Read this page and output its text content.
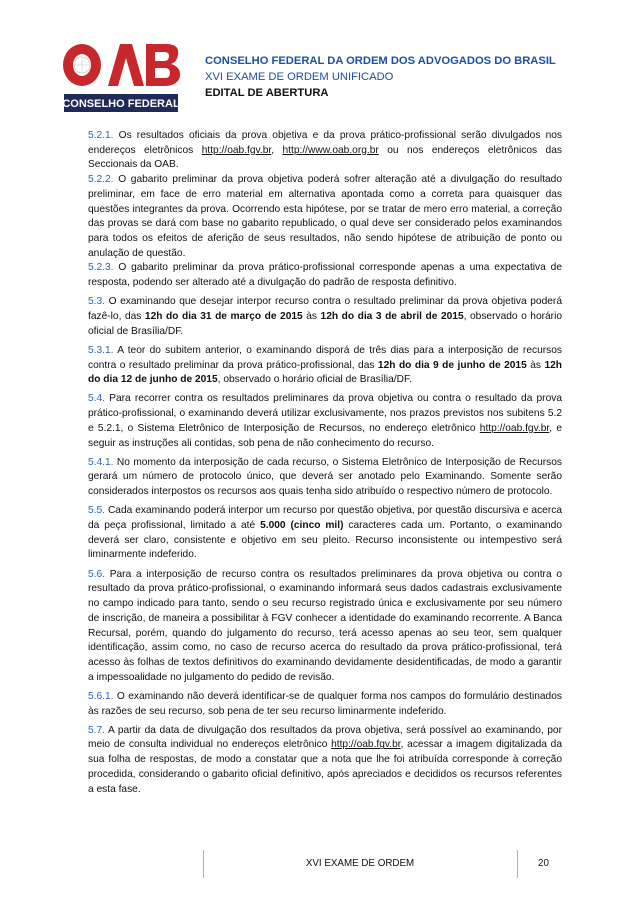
CONSELHO FEDERAL
CONSELHO FEDERAL DA ORDEM DOS ADVOGADOS DO BRASIL
XVI EXAME DE ORDEM UNIFICADO
EDITAL DE ABERTURA

5.2.1. Os resultados oficiais da prova objetiva e da prova prático-profissional serão divulgados nos endereços eletrônicos http://oab.fgv.br, http://www.oab.org.br ou nos endereços eletrônicos das Seccionais da OAB.

5.2.2. O gabarito preliminar da prova objetiva poderá sofrer alteração até a divulgação do resultado preliminar, em face de erro material em alternativa apontada como a correta para quaisquer das questões integrantes da prova. Ocorrendo esta hipótese, por se tratar de mero erro material, a correção das provas se dará com base no gabarito republicado, o qual deve ser considerado pelos examinandos para todos os efeitos de aferição de seus resultados, não sendo hipótese de atribuição de ponto ou anulação de questão.

5.2.3. O gabarito preliminar da prova prático-profissional corresponde apenas a uma expectativa de resposta, podendo ser alterado até a divulgação do padrão de resposta definitivo.

5.3. O examinando que desejar interpor recurso contra o resultado preliminar da prova objetiva poderá fazê-lo, das 12h do dia 31 de março de 2015 às 12h do dia 3 de abril de 2015, observado o horário oficial de Brasília/DF.

5.3.1. A teor do subitem anterior, o examinando disporá de três dias para a interposição de recursos contra o resultado preliminar da prova prático-profissional, das 12h do dia 9 de junho de 2015 às 12h do dia 12 de junho de 2015, observado o horário oficial de Brasília/DF.

5.4. Para recorrer contra os resultados preliminares da prova objetiva ou contra o resultado da prova prático-profissional, o examinando deverá utilizar exclusivamente, nos prazos previstos nos subitens 5.2 e 5.2.1, o Sistema Eletrônico de Interposição de Recursos, no endereço eletrônico http://oab.fgv.br, e seguir as instruções ali contidas, sob pena de não conhecimento do recurso.

5.4.1. No momento da interposição de cada recurso, o Sistema Eletrônico de Interposição de Recursos gerará um número de protocolo único, que deverá ser anotado pelo Examinando. Somente serão considerados interpostos os recursos aos quais tenha sido atribuído o respectivo número de protocolo.

5.5. Cada examinando poderá interpor um recurso por questão objetiva, por questão discursiva e acerca da peça profissional, limitado a até 5.000 (cinco mil) caracteres cada um. Portanto, o examinando deverá ser claro, consistente e objetivo em seu pleito. Recurso inconsistente ou intempestivo será liminarmente indeferido.

5.6. Para a interposição de recurso contra os resultados preliminares da prova objetiva ou contra o resultado da prova prático-profissional, o examinando informará seus dados cadastrais exclusivamente no campo indicado para tanto, sendo o seu recurso registrado única e exclusivamente por seu número de inscrição, de maneira a possibilitar à FGV conhecer a identidade do examinando recorrente. A Banca Recursal, porém, quando do julgamento do recurso, terá acesso apenas ao seu teor, sem qualquer identificação, assim como, no caso de recurso acerca do resultado da prova prático-profissional, terá acesso às folhas de textos definitivos do examinando devidamente desidentificadas, de modo a garantir a impessoalidade no julgamento do pedido de revisão.

5.6.1. O examinando não deverá identificar-se de qualquer forma nos campos do formulário destinados às razões de seu recurso, sob pena de ter seu recurso liminarmente indeferido.

5.7. A partir da data de divulgação dos resultados da prova objetiva, será possível ao examinando, por meio de consulta individual no endereços eletrônico http://oab.fgv.br, acessar a imagem digitalizada da sua folha de respostas, de modo a constatar que a nota que lhe foi atribuída corresponde à correção procedida, considerando o gabarito oficial definitivo, após apreciados e decididos os recursos referentes a esta fase.

XVI EXAME DE ORDEM	20
